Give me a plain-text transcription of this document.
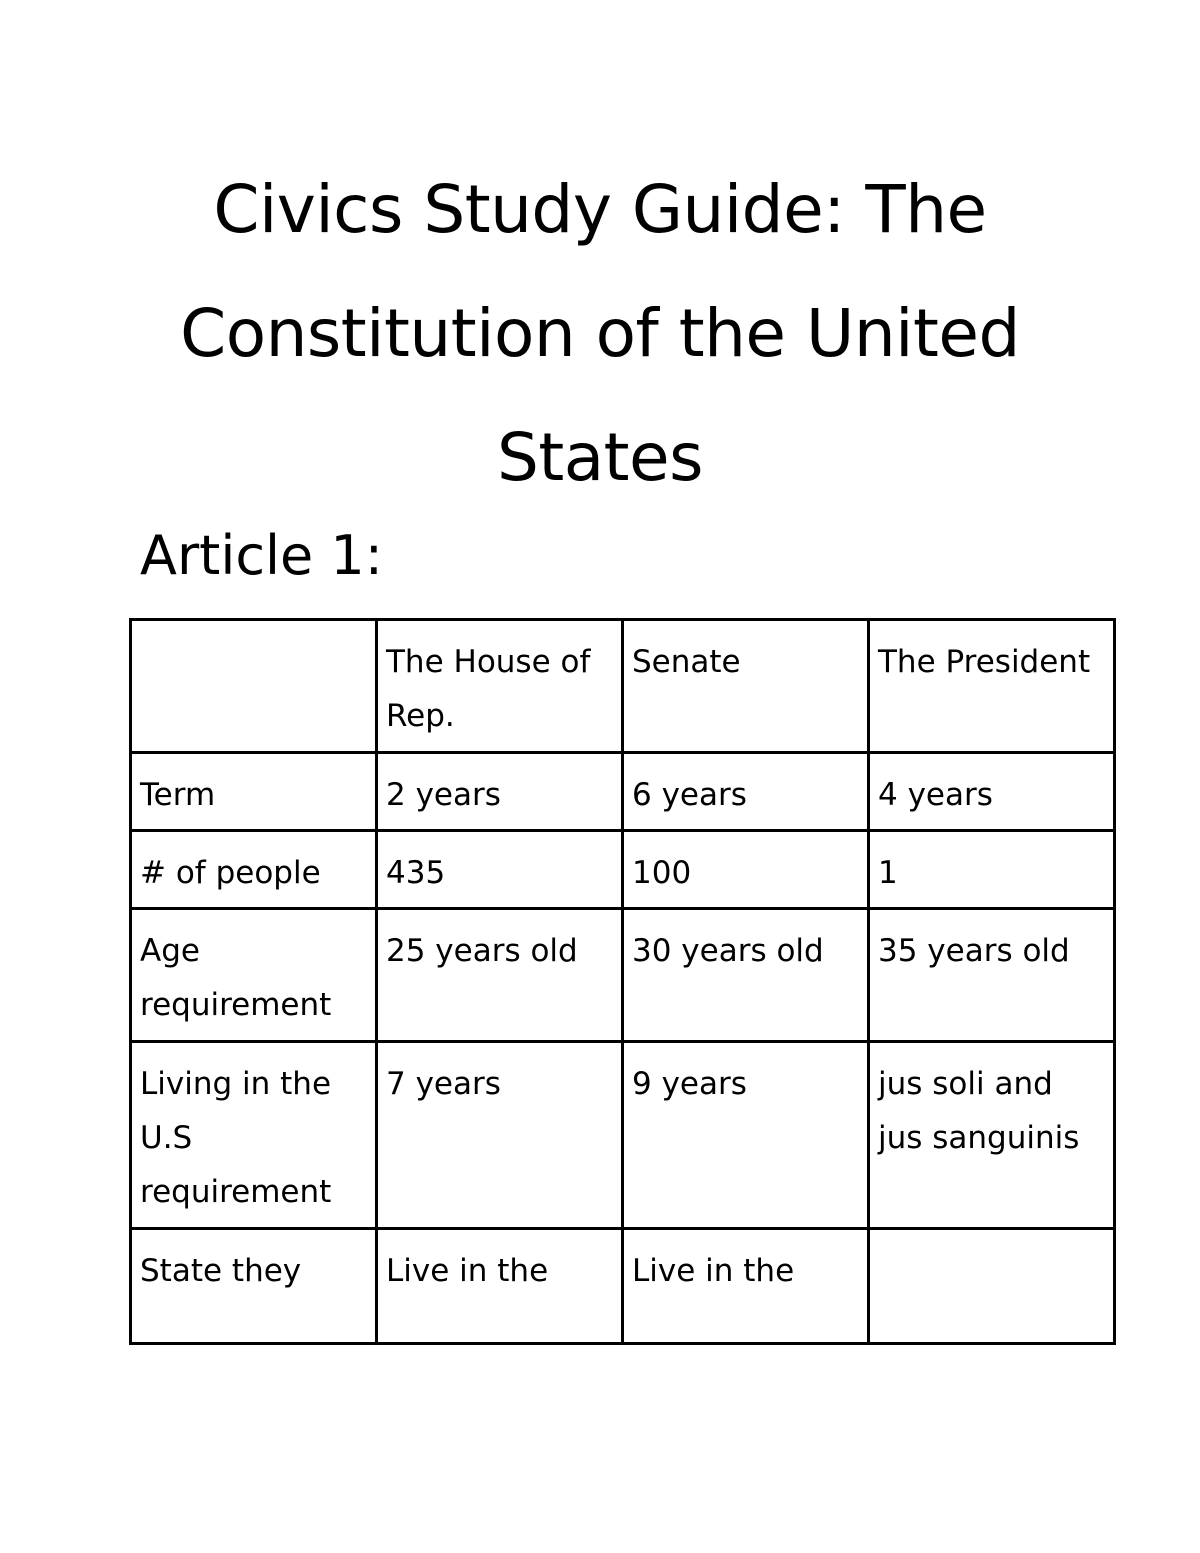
Civics Study Guide: The
Constitution of the United
States
Article 1:
	The House of Rep.	Senate	The President
Term	2 years	6 years	4 years
# of people	435	100	1
Age requirement	25 years old	30 years old	35 years old
Living in the U.S requirement	7 years	9 years	jus soli and jus sanguinis
State they	Live in the	Live in the	
